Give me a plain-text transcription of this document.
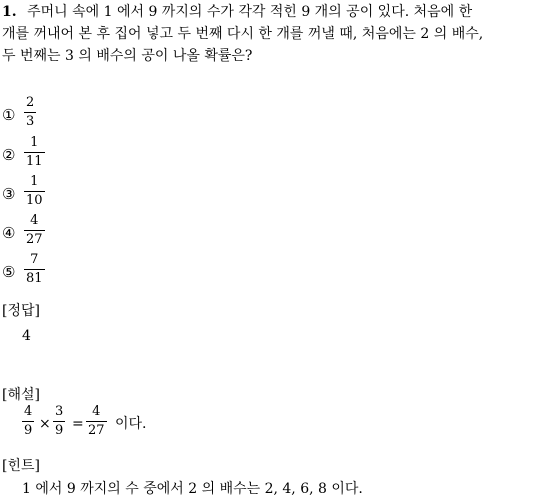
1. 주머니 속에 1 에서 9 까지의 수가 각각 적힌 9 개의 공이 있다. 처음에 한
개를 꺼내어 본 후 집어 넣고 두 번째 다시 한 개를 꺼낼 때, 처음에는 2 의 배수,
두 번째는 3 의 배수의 공이 나올 확률은?
①
2
3
②
1
11
③
1
10
④
4
27
⑤
7
81
[정답]
4
[해설]
4
9 ×
3
9 =
4
27 이다.
[힌트]
1 에서 9 까지의 수 중에서 2 의 배수는 2, 4, 6, 8 이다.
